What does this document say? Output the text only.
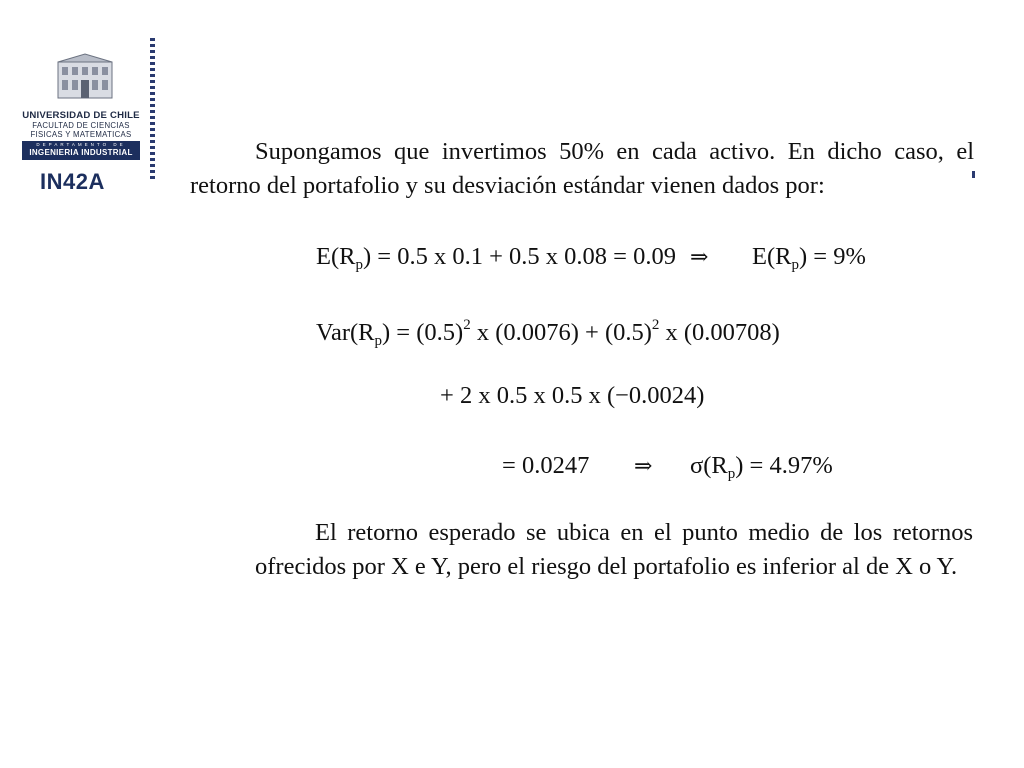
UNIVERSIDAD DE CHILE
FACULTAD DE CIENCIAS
FISICAS Y MATEMATICAS
DEPARTAMENTO DE
INGENIERIA INDUSTRIAL
IN42A
Supongamos que invertimos 50% en cada activo. En dicho caso, el retorno del portafolio y su desviación estándar vienen dados por:
$E(R_p) = 0.5$ x 0.1 + 0.5 x 0.08 = 0.09 ⇒ $E(R_p) = 9\%$
$Var(R_p) = (0.5)^2$ x $(0.0076) + (0.5)^2$ x (0.00708)
+ 2 x 0.5 x 0.5 x (−0.0024)
= 0.0247 ⇒ $\sigma(R_p) = 4.97\%$
El retorno esperado se ubica en el punto medio de los retornos ofrecidos por X e Y, pero el riesgo del portafolio es inferior al de X o Y.
